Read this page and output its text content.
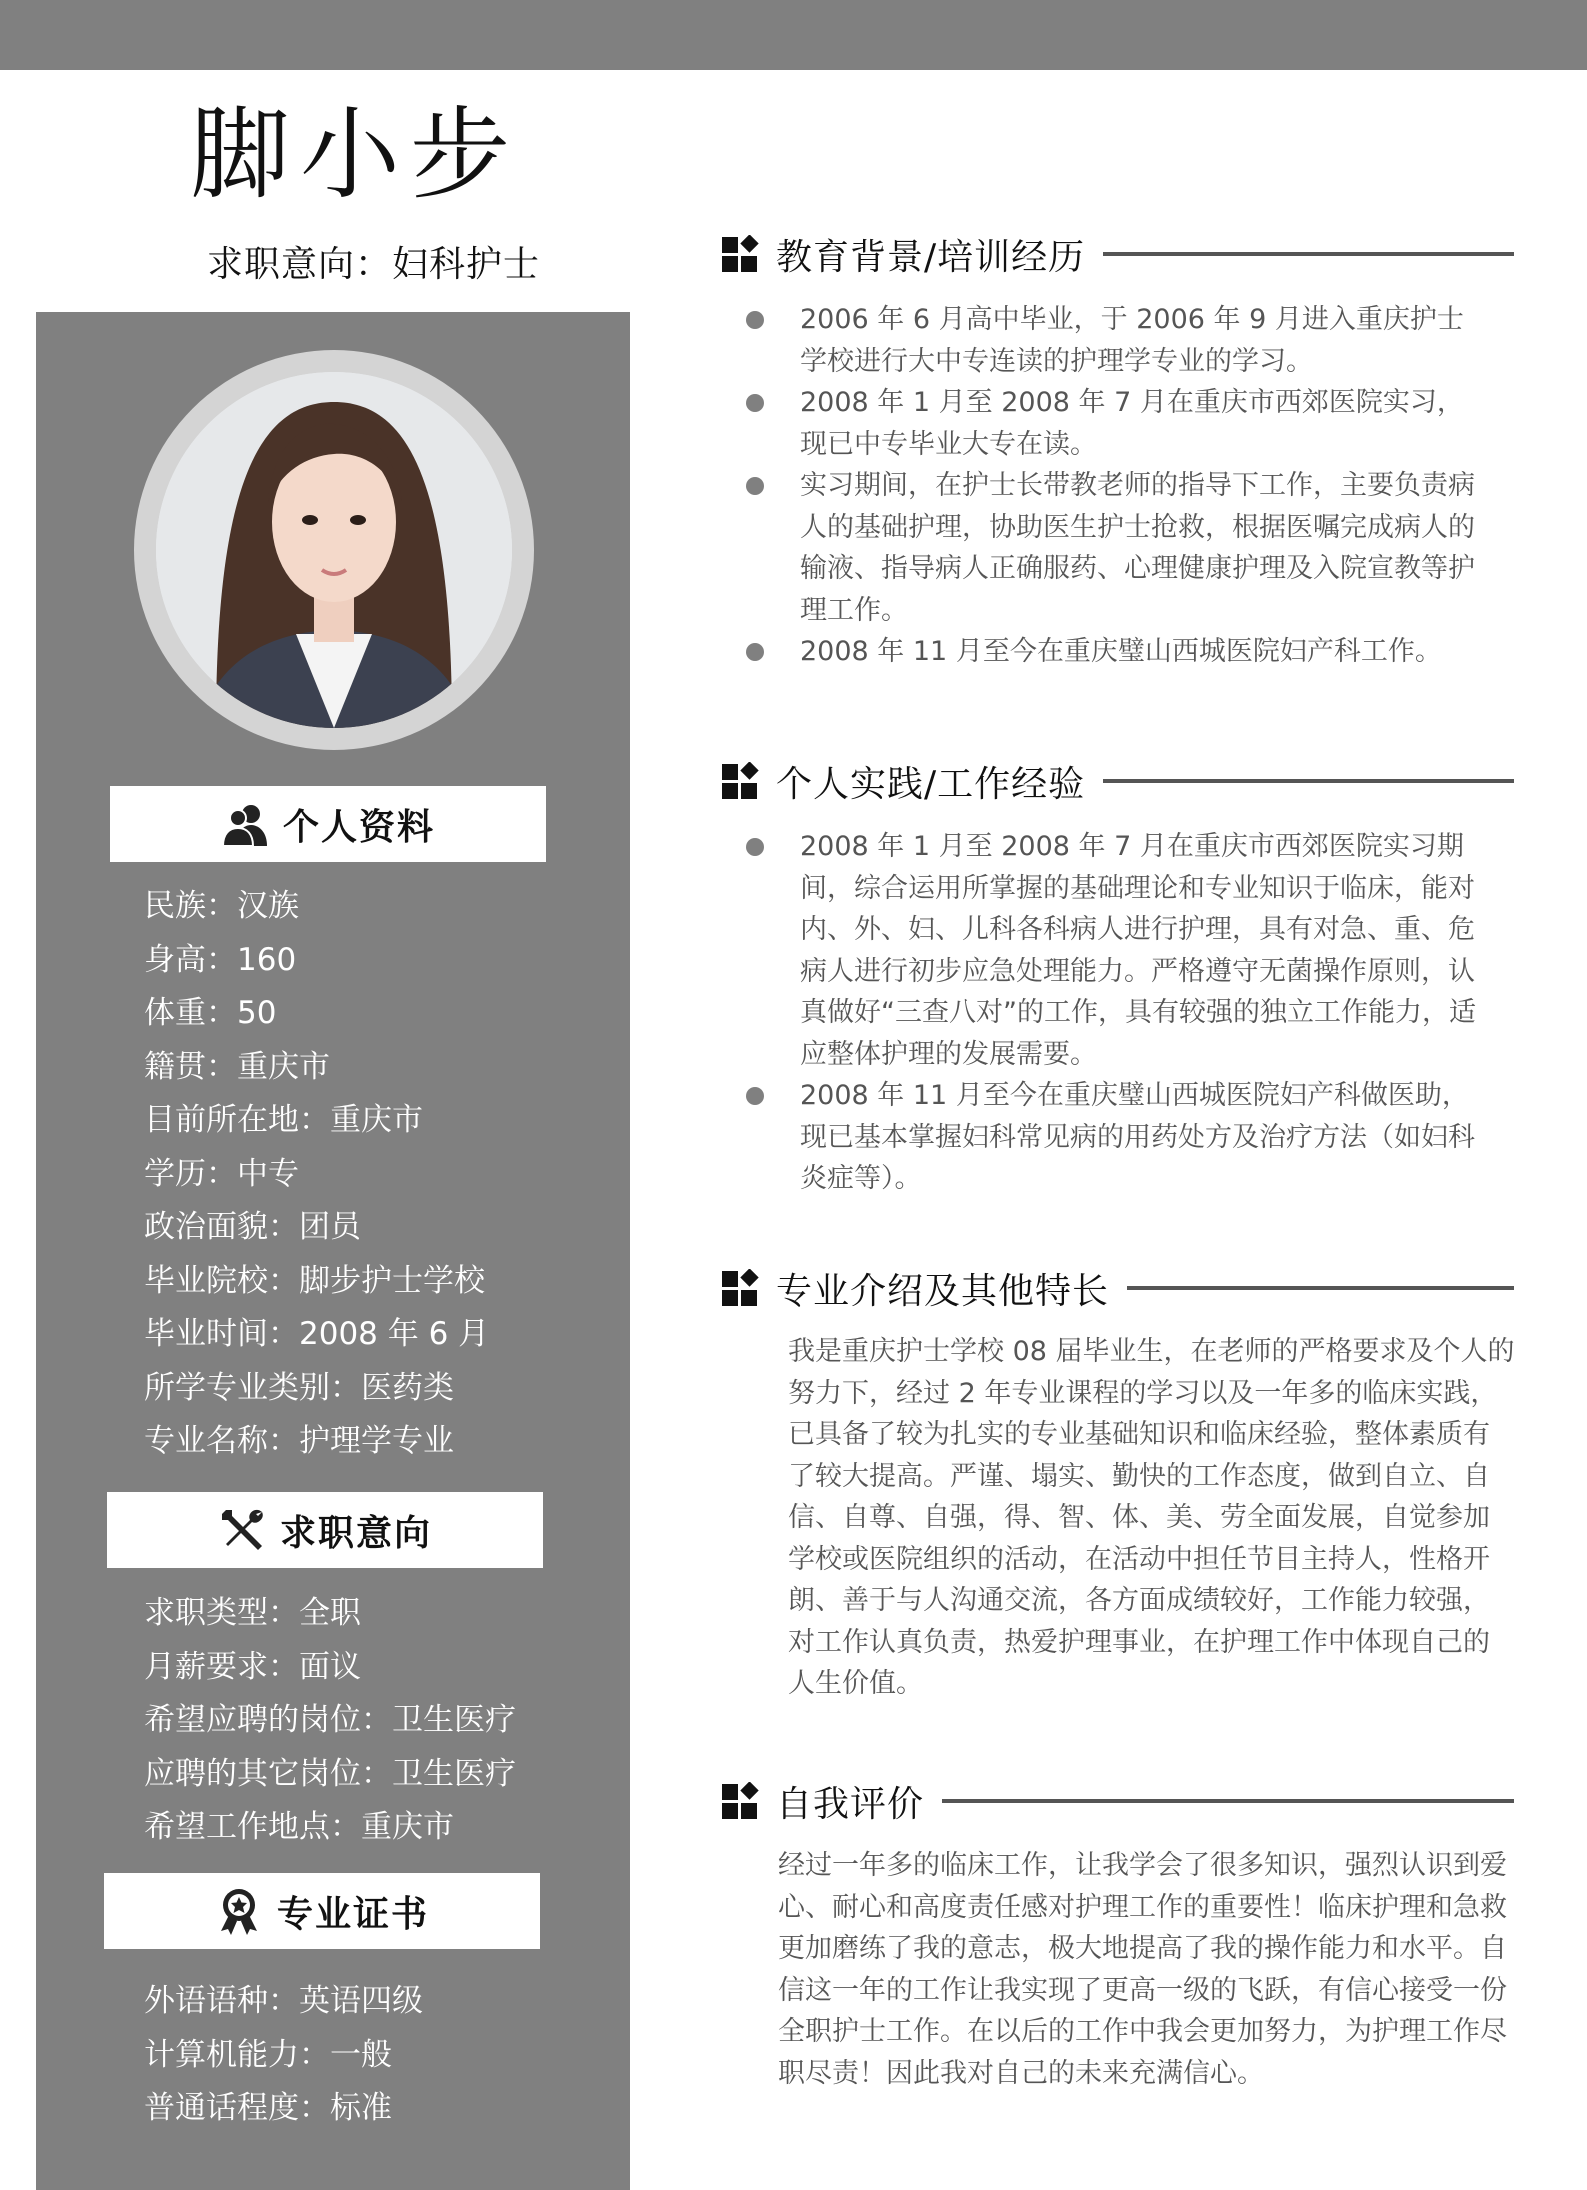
脚小步
求职意向：妇科护士
个人资料
民族：汉族
身高：160
体重：50
籍贯：重庆市
目前所在地：重庆市
学历：中专
政治面貌：团员
毕业院校：脚步护士学校
毕业时间：2008 年 6 月
所学专业类别：医药类
专业名称：护理学专业
求职意向
求职类型：全职
月薪要求：面议
希望应聘的岗位：卫生医疗
应聘的其它岗位：卫生医疗
希望工作地点：重庆市
专业证书
外语语种：英语四级
计算机能力：一般
普通话程度：标准
教育背景/培训经历
2006 年 6 月高中毕业，于 2006 年 9 月进入重庆护士学校进行大中专连读的护理学专业的学习。
2008 年 1 月至 2008 年 7 月在重庆市西郊医院实习，现已中专毕业大专在读。
实习期间，在护士长带教老师的指导下工作，主要负责病人的基础护理，协助医生护士抢救，根据医嘱完成病人的输液、指导病人正确服药、心理健康护理及入院宣教等护理工作。
2008 年 11 月至今在重庆璧山西城医院妇产科工作。
个人实践/工作经验
2008 年 1 月至 2008 年 7 月在重庆市西郊医院实习期间，综合运用所掌握的基础理论和专业知识于临床，能对内、外、妇、儿科各科病人进行护理，具有对急、重、危病人进行初步应急处理能力。严格遵守无菌操作原则，认真做好“三查八对”的工作，具有较强的独立工作能力，适应整体护理的发展需要。
2008 年 11 月至今在重庆璧山西城医院妇产科做医助，现已基本掌握妇科常见病的用药处方及治疗方法（如妇科炎症等）。
专业介绍及其他特长

我是重庆护士学校 08 届毕业生，在老师的严格要求及个人的努力下，经过 2 年专业课程的学习以及一年多的临床实践，已具备了较为扎实的专业基础知识和临床经验，整体素质有了较大提高。严谨、塌实、勤快的工作态度，做到自立、自信、自尊、自强，得、智、体、美、劳全面发展，自觉参加学校或医院组织的活动，在活动中担任节目主持人，性格开朗、善于与人沟通交流，各方面成绩较好，工作能力较强，对工作认真负责，热爱护理事业，在护理工作中体现自己的人生价值。

自我评价

经过一年多的临床工作，让我学会了很多知识，强烈认识到爱心、耐心和高度责任感对护理工作的重要性！临床护理和急救更加磨练了我的意志，极大地提高了我的操作能力和水平。自信这一年的工作让我实现了更高一级的飞跃，有信心接受一份全职护士工作。在以后的工作中我会更加努力，为护理工作尽职尽责！因此我对自己的未来充满信心。
